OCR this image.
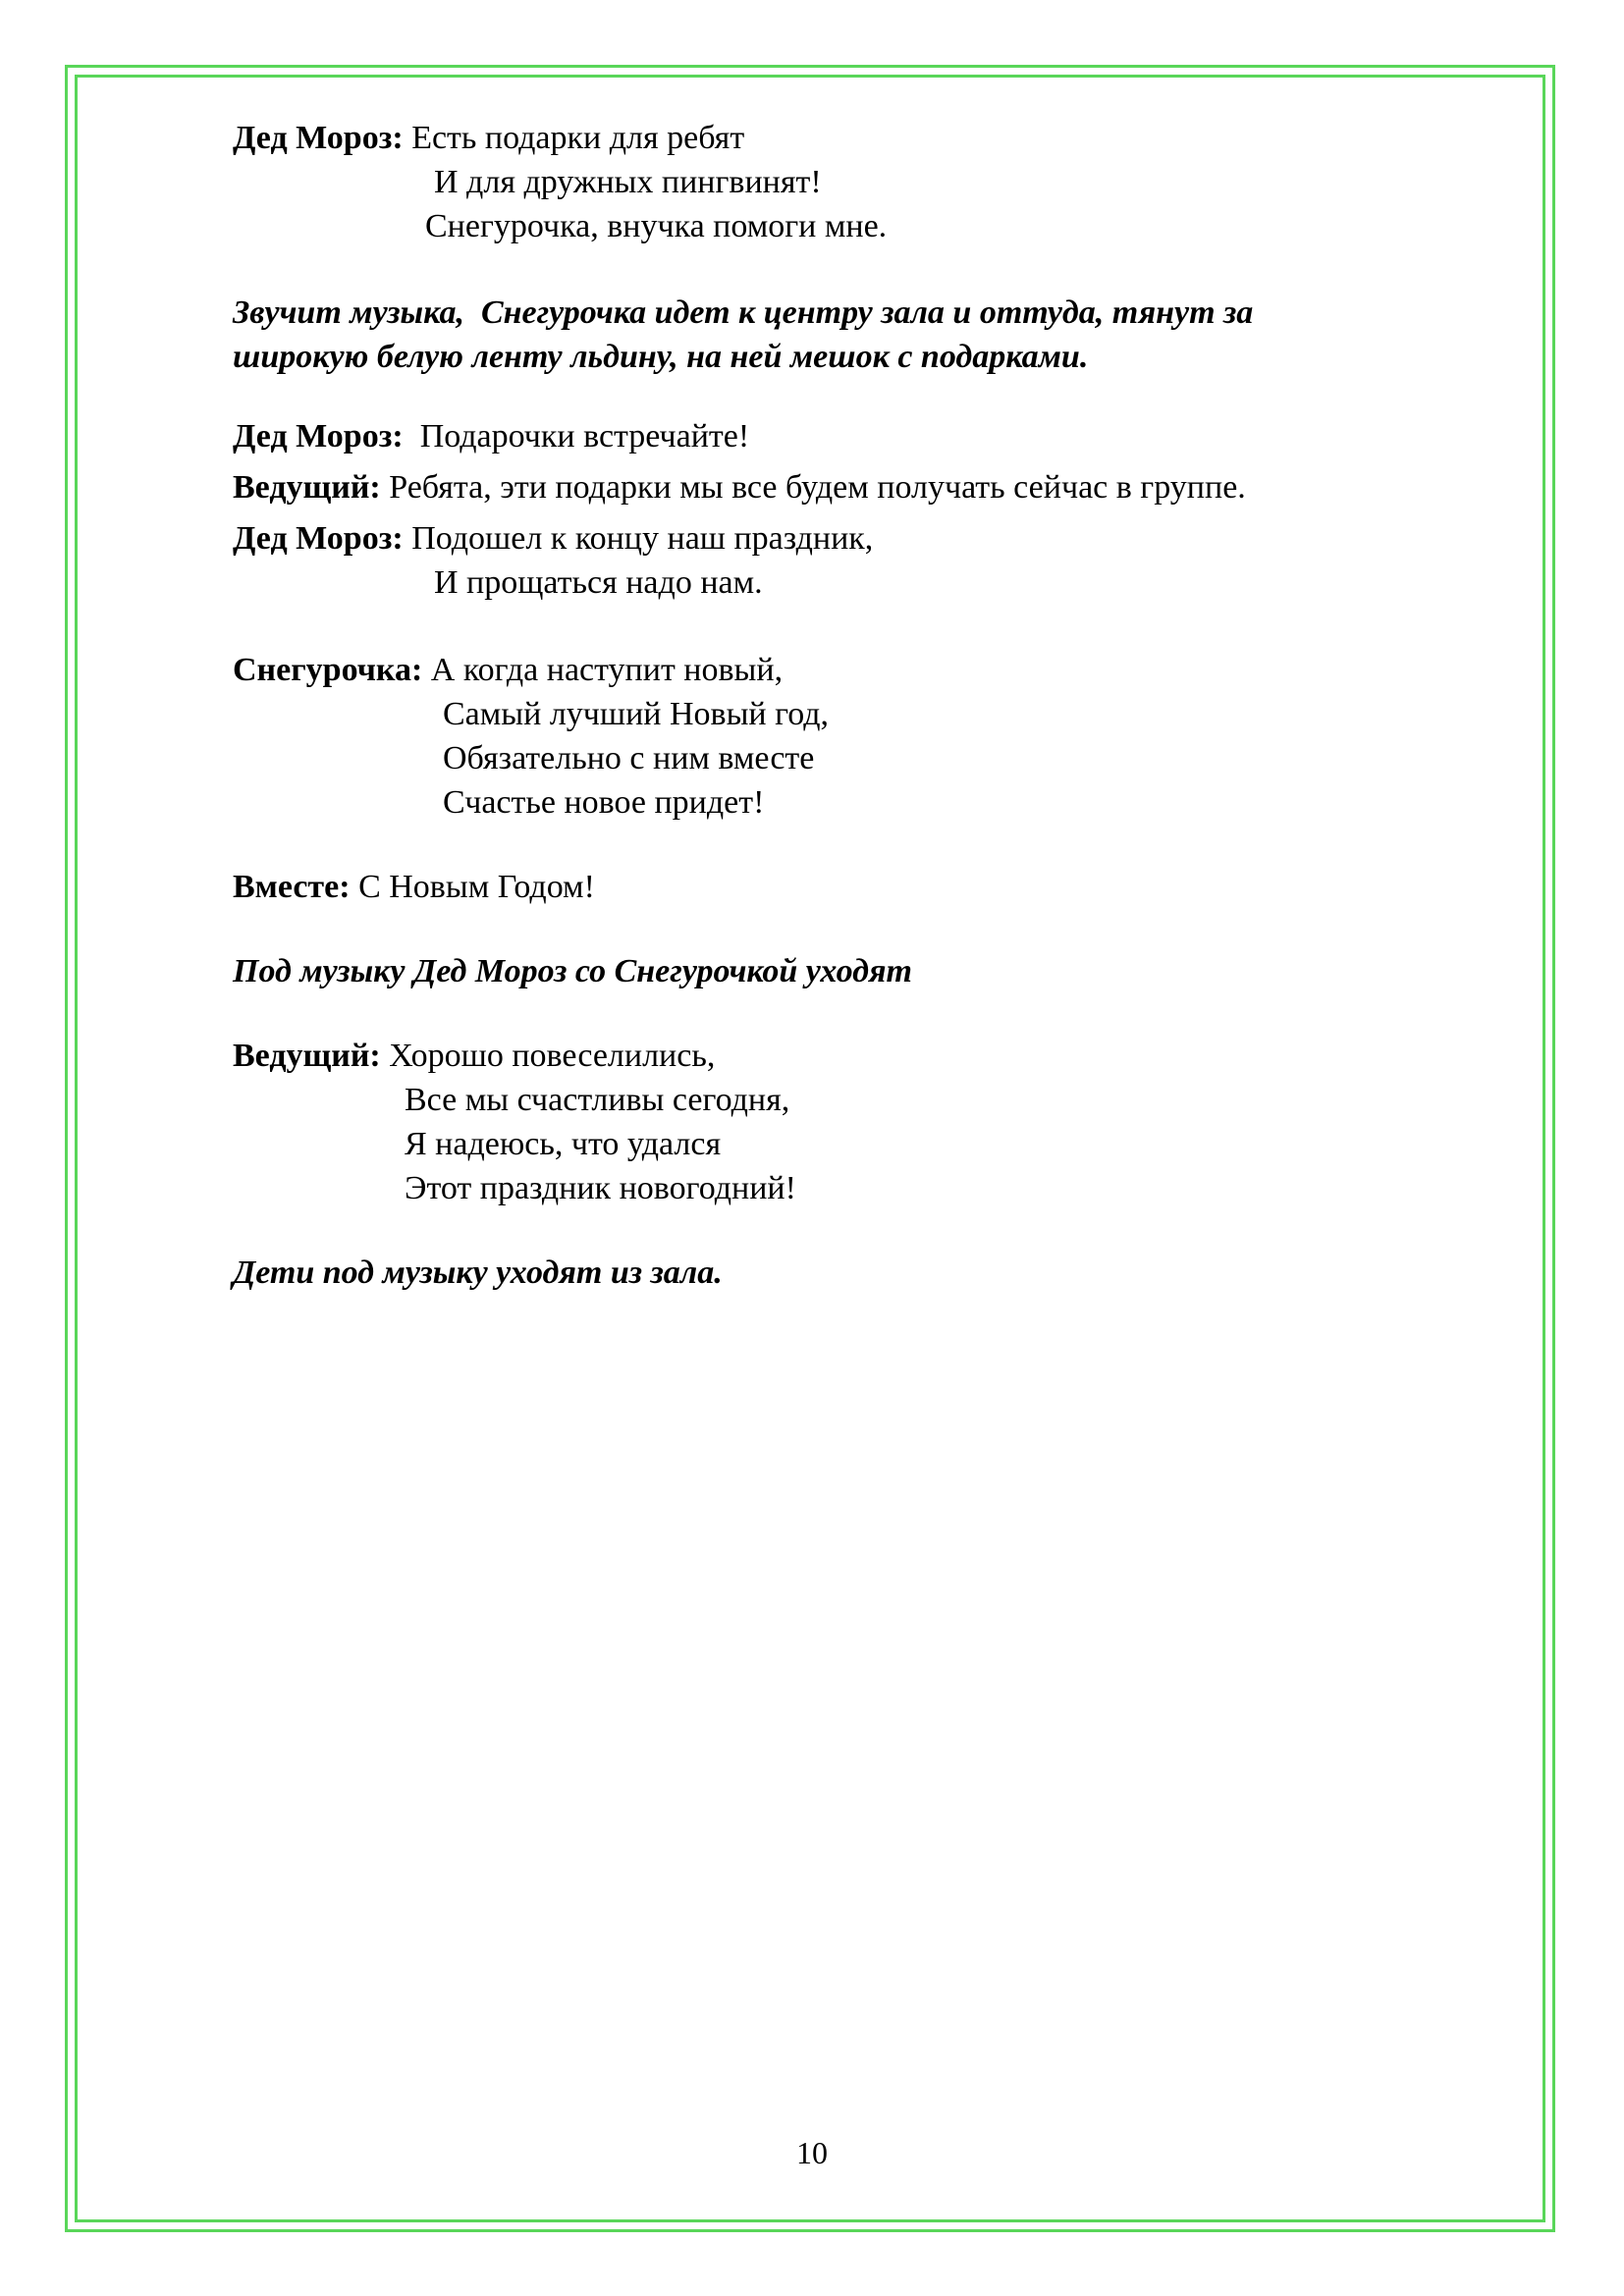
Дед Мороз: Есть подарки для ребят
И для дружных пингвинят!
Снегурочка, внучка помоги мне.
Звучит музыка,  Снегурочка идет к центру зала и оттуда, тянут за
широкую белую ленту льдину, на ней мешок с подарками.
Дед Мороз:  Подарочки встречайте!
Ведущий: Ребята, эти подарки мы все будем получать сейчас в группе.
Дед Мороз: Подошел к концу наш праздник,
И прощаться надо нам.
Снегурочка: А когда наступит новый,
Самый лучший Новый год,
Обязательно с ним вместе
Счастье новое придет!
Вместе: С Новым Годом!
Под музыку Дед Мороз со Снегурочкой уходят
Ведущий: Хорошо повеселились,
Все мы счастливы сегодня,
Я надеюсь, что удался
Этот праздник новогодний!
Дети под музыку уходят из зала.
10
